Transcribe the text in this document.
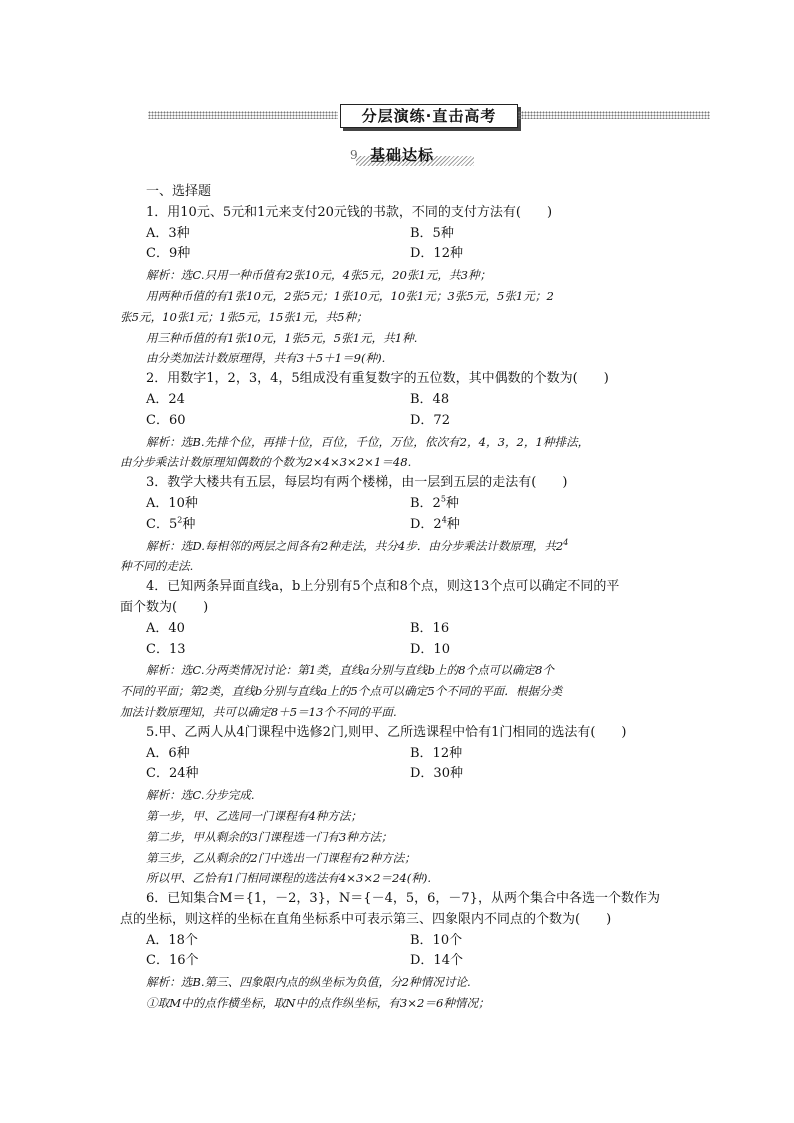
分层演练·直击高考
9 基础达标
一、选择题
1．用10元、5元和1元来支付20元钱的书款，不同的支付方法有(　　)
A．3种	B．5种
C．9种	D．12种
解析：选C.只用一种币值有2张10元，4张5元，20张1元，共3种；
用两种币值的有1张10元，2张5元；1张10元，10张1元；3张5元，5张1元；2
张5元，10张1元；1张5元，15张1元，共5种；
用三种币值的有1张10元，1张5元，5张1元，共1种.
由分类加法计数原理得，共有3＋5＋1＝9(种).
2．用数字1，2，3，4，5组成没有重复数字的五位数，其中偶数的个数为(　　)
A．24	B．48
C．60	D．72
解析：选B.先排个位，再排十位，百位，千位，万位，依次有2，4，3，2，1种排法，
由分步乘法计数原理知偶数的个数为2×4×3×2×1＝48.
3．教学大楼共有五层，每层均有两个楼梯，由一层到五层的走法有(　　)
A．10种	B．$2^5$种
C．$5^2$种	D．$2^4$种
解析：选D.每相邻的两层之间各有2种走法，共分4步．由分步乘法计数原理，共$2^4$
种不同的走法.
4．已知两条异面直线a，b上分别有5个点和8个点，则这13个点可以确定不同的平
面个数为(　　)
A．40	B．16
C．13	D．10
解析：选C.分两类情况讨论：第1类，直线a分别与直线b上的8个点可以确定8个
不同的平面；第2类，直线b分别与直线a上的5个点可以确定5个不同的平面．根据分类
加法计数原理知，共可以确定8＋5＝13个不同的平面.
5.甲、乙两人从4门课程中选修2门,则甲、乙所选课程中恰有1门相同的选法有(　　)
A．6种	B．12种
C．24种	D．30种
解析：选C.分步完成.
第一步，甲、乙选同一门课程有4种方法；
第二步，甲从剩余的3门课程选一门有3种方法；
第三步，乙从剩余的2门中选出一门课程有2种方法；
所以甲、乙恰有1门相同课程的选法有4×3×2＝24(种).
6．已知集合M＝{1，－2，3}，N＝{－4，5，6，－7}，从两个集合中各选一个数作为
点的坐标，则这样的坐标在直角坐标系中可表示第三、四象限内不同点的个数为(　　)
A．18个	B．10个
C．16个	D．14个
解析：选B.第三、四象限内点的纵坐标为负值，分2种情况讨论.
①取M中的点作横坐标，取N中的点作纵坐标，有3×2＝6种情况；
